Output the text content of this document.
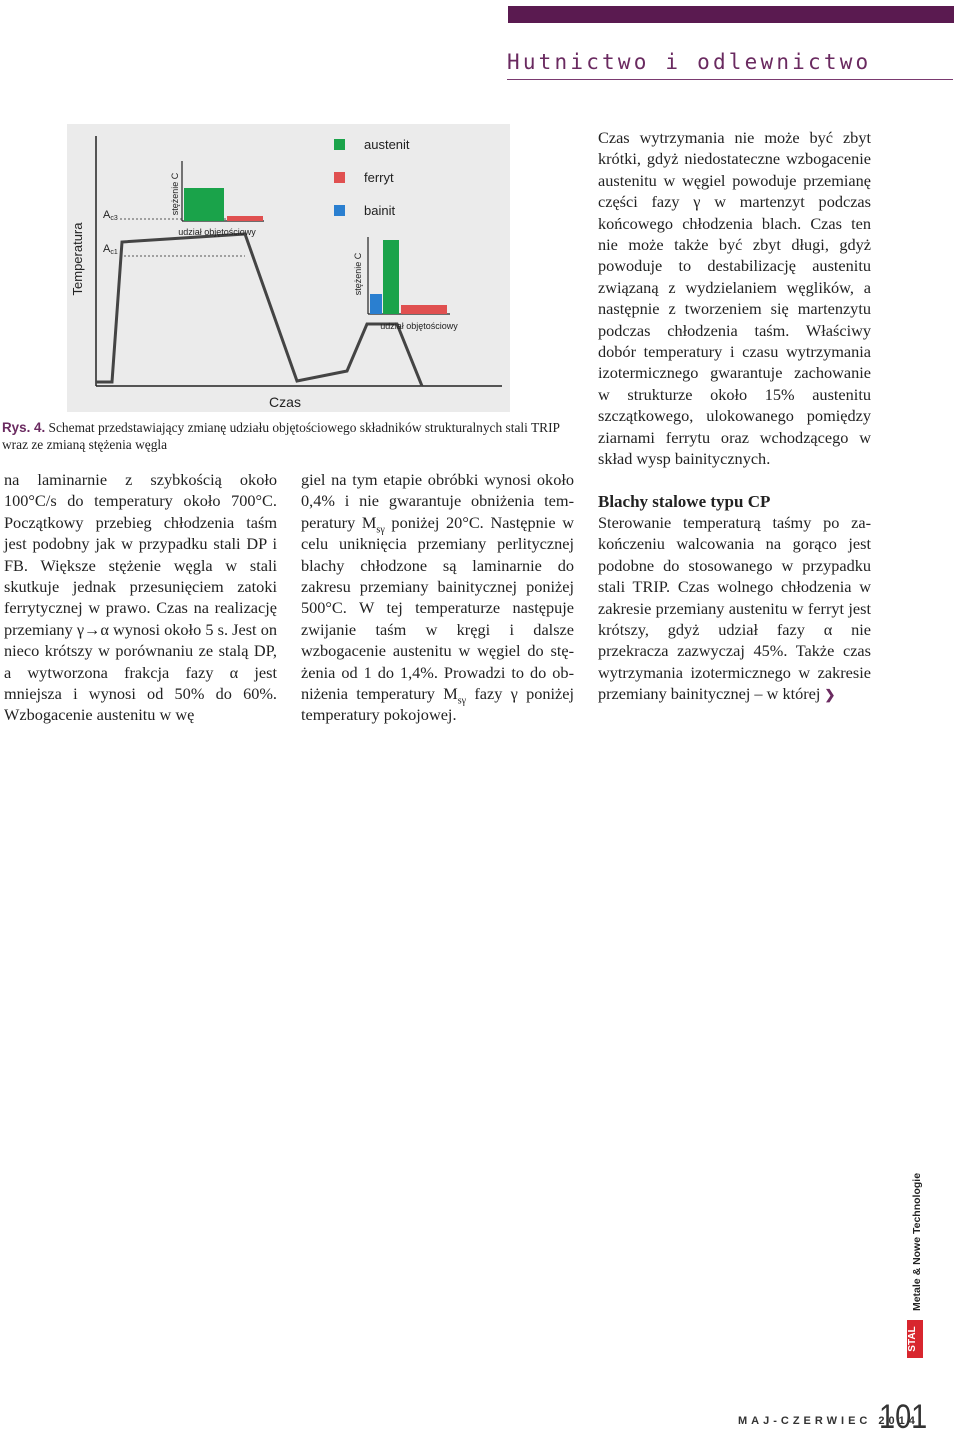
Hutnictwo i odlewnictwo
Temperatura
Czas
Ac3
Ac1
stężenie C
udział objętościowy
stężenie C
udział objętościowy
austenit
ferryt
bainit
Rys. 4. Schemat przedstawiający zmianę udziału objętościowego składników strukturalnych stali TRIP wraz ze zmianą stężenia węgla
na laminarnie z szybkością około 100°C/s do temperatury około 700°C. Początkowy przebieg chłodzenia taśm jest podobny jak w przypadku stali DP i FB. Większe stężenie węgla w stali skutkuje jednak przesunięciem zatoki ferrytycznej w prawo. Czas na realizację przemiany γ→α wynosi około 5 s. Jest on nieco krótszy w porównaniu ze stalą DP, a wytworzona frakcja fazy α jest mniejsza i wynosi od 50% do 60%. Wzbogacenie austenitu w wę
giel na tym etapie obróbki wynosi około 0,4% i nie gwarantuje obniżenia temperatury $M_{s\gamma}$ poniżej 20°C. Następnie w celu uniknięcia przemiany perlitycznej blachy chłodzone są laminarnie do zakresu przemiany bainitycznej poniżej 500°C. W tej temperaturze następuje zwijanie taśm w kręgi i dalsze wzbogacenie austenitu w węgiel do stężenia od 1 do 1,4%. Prowadzi to do obniżenia temperatury $M_{s\gamma}$ fazy γ poniżej temperatury pokojowej.
Czas wytrzymania nie może być zbyt krótki, gdyż niedostateczne wzbogacenie austenitu w węgiel powoduje przemianę części fazy γ w martenzyt podczas końcowego chłodzenia blach. Czas ten nie może także być zbyt długi, gdyż powoduje to destabilizację austenitu związaną z wydzielaniem węglików, a następnie z tworzeniem się martenzytu podczas chłodzenia taśm. Właściwy dobór temperatury i czasu wytrzymania izotermicznego gwarantuje zachowanie w strukturze około 15% austenitu szczątkowego, ulokowanego pomiędzy ziarnami ferrytu oraz wchodzącego w skład wysp bainitycznych.
Blachy stalowe typu CP
Sterowanie temperaturą taśmy po zakończeniu walcowania na gorąco jest podobne do stosowanego w przypadku stali TRIP. Czas wolnego chłodzenia w zakresie przemiany austenitu w ferryt jest krótszy, gdyż udział fazy α nie przekracza zazwyczaj 45%. Także czas wytrzymania izotermicznego w zakresie przemiany bainitycznej – w której ❯
STAL
Metale & Nowe Technologie
MAJ-CZERWIEC 2014
101
